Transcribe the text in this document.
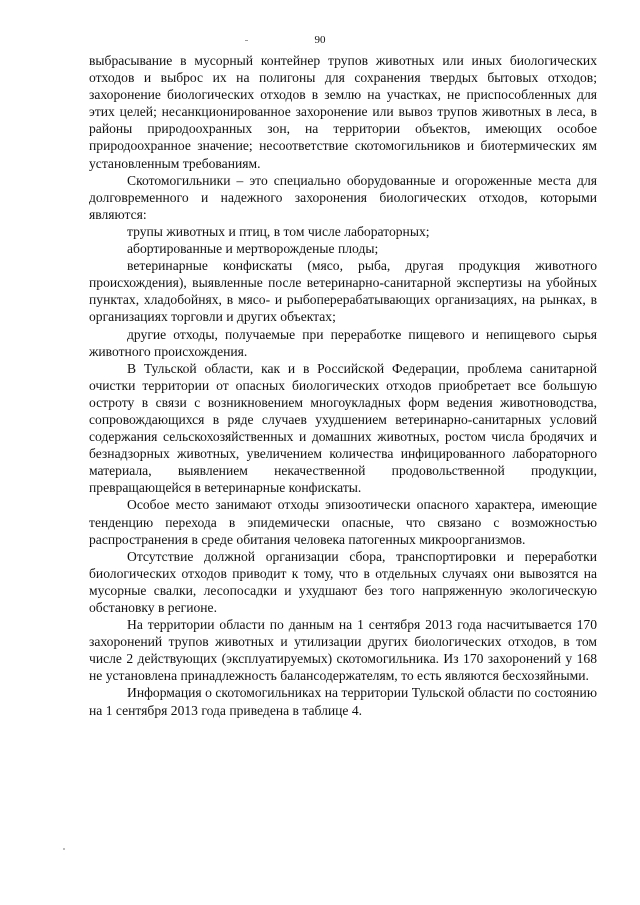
90

выбрасывание в мусорный контейнер трупов животных или иных биологических отходов и выброс их на полигоны для сохранения твердых бытовых отходов; захоронение биологических отходов в землю на участках, не приспособленных для этих целей; несанкционированное захоронение или вывоз трупов животных в леса, в районы природоохранных зон, на территории объектов, имеющих особое природоохранное значение; несоответствие скотомогильников и биотермических ям установленным требованиям.

Скотомогильники – это специально оборудованные и огороженные места для долговременного и надежного захоронения биологических отходов, которыми являются:

трупы животных и птиц, в том числе лабораторных;

абортированные и мертворожденые плоды;

ветеринарные конфискаты (мясо, рыба, другая продукция животного происхождения), выявленные после ветеринарно-санитарной экспертизы на убойных пунктах, хладобойнях, в мясо- и рыбоперерабатывающих организациях, на рынках, в организациях торговли и других объектах;

другие отходы, получаемые при переработке пищевого и непищевого сырья животного происхождения.

В Тульской области, как и в Российской Федерации, проблема санитарной очистки территории от опасных биологических отходов приобретает все большую остроту в связи с возникновением многоукладных форм ведения животноводства, сопровождающихся в ряде случаев ухудшением ветеринарно-санитарных условий содержания сельскохозяйственных и домашних животных, ростом числа бродячих и безнадзорных животных, увеличением количества инфицированного лабораторного материала, выявлением некачественной продовольственной продукции, превращающейся в ветеринарные конфискаты.

Особое место занимают отходы эпизоотически опасного характера, имеющие тенденцию перехода в эпидемически опасные, что связано с возможностью распространения в среде обитания человека патогенных микроорганизмов.

Отсутствие должной организации сбора, транспортировки и переработки биологических отходов приводит к тому, что в отдельных случаях они вывозятся на мусорные свалки, лесопосадки и ухудшают без того напряженную экологическую обстановку в регионе.

На территории области по данным на 1 сентября 2013 года насчитывается 170 захоронений трупов животных и утилизации других биологических отходов, в том числе 2 действующих (эксплуатируемых) скотомогильника. Из 170 захоронений у 168 не установлена принадлежность балансодержателям, то есть являются бесхозяйными.

Информация о скотомогильниках на территории Тульской области по состоянию на 1 сентября 2013 года приведена в таблице 4.
